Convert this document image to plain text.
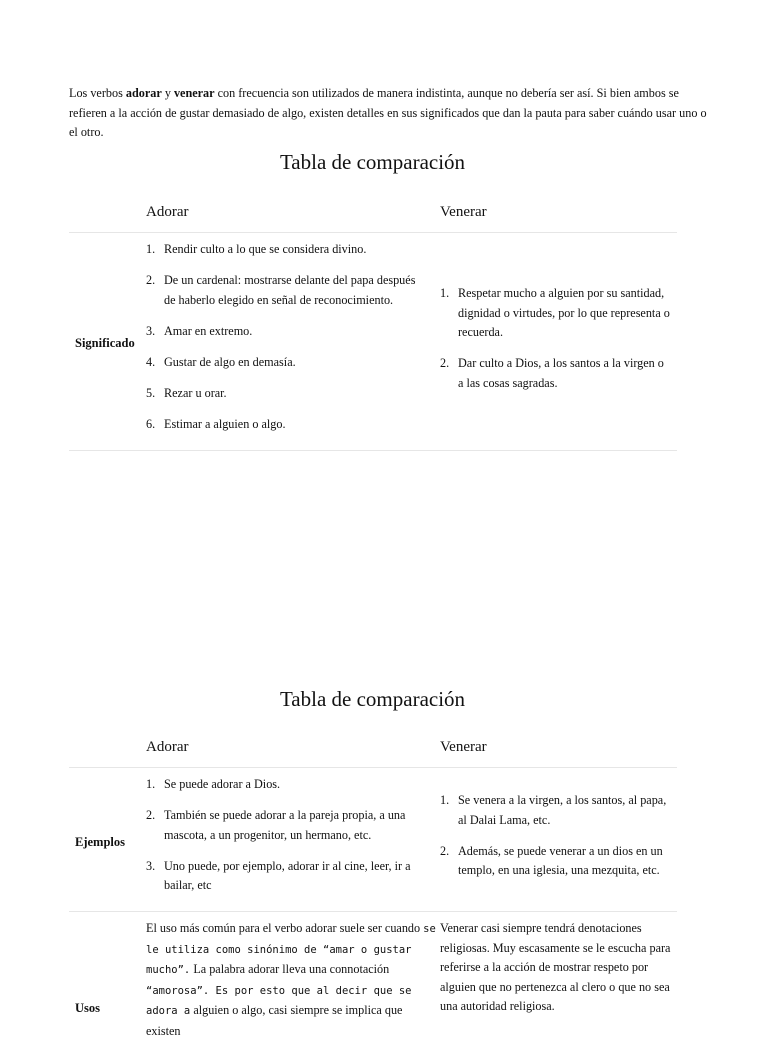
Los verbos adorar y venerar con frecuencia son utilizados de manera indistinta, aunque no debería ser así. Si bien ambos se refieren a la acción de gustar demasiado de algo, existen detalles en sus significados que dan la pauta para saber cuándo usar uno o el otro.

Tabla de comparación
Adorar	Venerar
Significado
1. Rendir culto a lo que se considera divino.
2. De un cardenal: mostrarse delante del papa después de haberlo elegido en señal de reconocimiento.
3. Amar en extremo.
4. Gustar de algo en demasía.
5. Rezar u orar.
6. Estimar a alguien o algo.
1. Respetar mucho a alguien por su santidad, dignidad o virtudes, por lo que representa o recuerda.
2. Dar culto a Dios, a los santos a la virgen o a las cosas sagradas.
Tabla de comparación
Adorar	Venerar
Ejemplos
1. Se puede adorar a Dios.
2. También se puede adorar a la pareja propia, a una mascota, a un progenitor, un hermano, etc.
3. Uno puede, por ejemplo, adorar ir al cine, leer, ir a bailar, etc
1. Se venera a la virgen, a los santos, al papa, al Dalai Lama, etc.
2. Además, se puede venerar a un dios en un templo, en una iglesia, una mezquita, etc.
Usos

El uso más común para el verbo adorar suele ser cuando se le utiliza como sinónimo de “amar o gustar mucho”. La palabra adorar lleva una connotación “amorosa”. Es por esto que al decir que se adora a alguien o algo, casi siempre se implica que existen

Venerar casi siempre tendrá denotaciones religiosas. Muy escasamente se le escucha para referirse a la acción de mostrar respeto por alguien que no pertenezca al clero o que no sea una autoridad religiosa.
